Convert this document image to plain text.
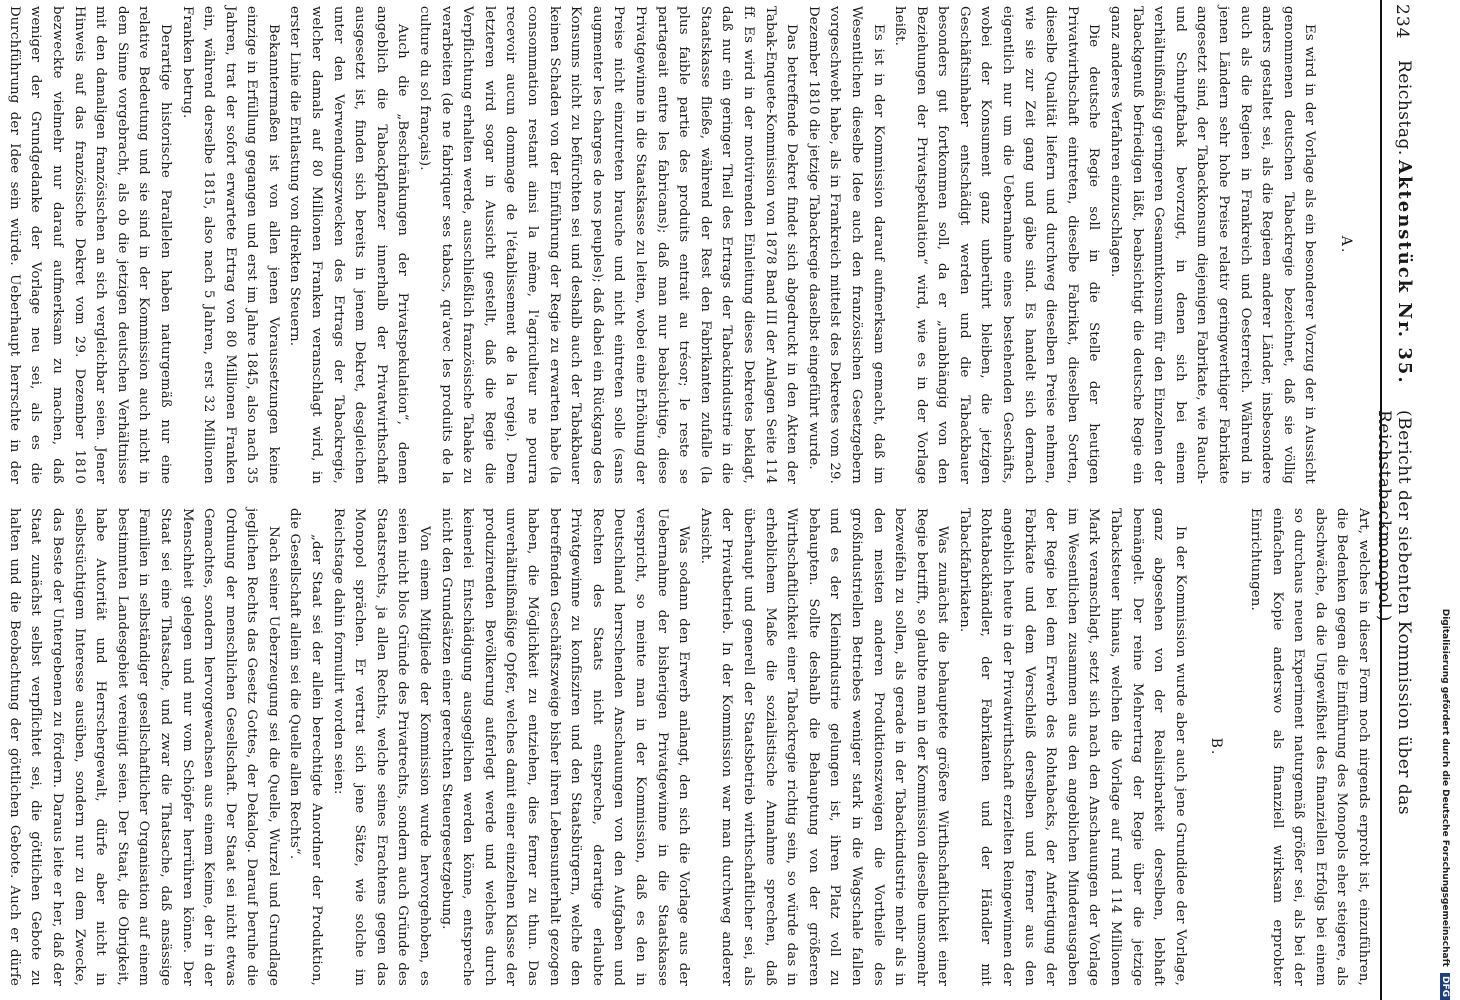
234
Reichstag.
Aktenstück Nr. 35.
(Bericht der siebenten Kommission über das Reichstabackmonopol.)
A.

Es wird in der Vorlage als ein besonderer Vorzug der in Aussicht genommenen deutschen Tabackregie bezeichnet, daß sie völlig anders gestaltet sei, als die Regieen anderer Länder, insbesondere auch als die Regieen in Frankreich und Oesterreich. Während in jenen Ländern sehr hohe Preise relativ geringwerthiger Fabrikate angesetzt sind, der Tabackkonsum diejenigen Fabrikate, wie Rauch- und Schnupftabak bevorzugt, in denen sich bei einem verhältnißmäßig geringeren Gesammtkonsum für den Einzelnen der Tabackgenuß befriedigen läßt, beabsichtigt die deutsche Regie ein ganz anderes Verfahren einzuschlagen.

Die deutsche Regie soll in die Stelle der heutigen Privatwirthschaft eintreten, dieselbe Fabrikat, dieselben Sorten, dieselbe Qualität liefern und durchweg dieselben Preise nehmen, wie sie zur Zeit gang und gäbe sind. Es handelt sich dernach eigentlich nur um die Uebernahme eines bestehenden Geschäfts, wobei der Konsument ganz unberührt bleiben, die jetzigen Geschäftsinhaber entschädigt werden und die Tabackbauer besonders gut fortkommen soll, da er „unabhängig von den Beziehungen der Privatspekulation“ wird, wie es in der Vorlage heißt.

Es ist in der Kommission darauf aufmerksam gemacht, daß im Wesentlichen dieselbe Idee auch den französischen Gesetzgebern vorgeschwebt habe, als in Frankreich mittelst des Dekretes vom 29. Dezember 1810 die jetzige Tabackregie daselbst eingeführt wurde.

Das betreffende Dekret findet sich abgedruckt in den Akten der Tabak-Enquete-Kommission von 1878 Band III der Anlagen Seite 114 ff. Es wird in der motivirenden Einleitung dieses Dekretes beklagt, daß nur ein geringer Theil des Ertrags der Tabackindustrie in die Staatskasse fließe, während der Rest den Fabrikanten zufalle (la plus faible partie des produits entrait au trésor; le reste se partageait entre les fabricans); daß man nur beabsichtige, diese Privatgewinne in die Staatskasse zu leiten, wobei eine Erhöhung der Preise nicht einzutreten brauche und nicht eintreten solle (sans augmenter les charges de nos peuples); daß dabei ein Rückgang des Konsums nicht zu befürchten sei und deshalb auch der Tabakbauer keinen Schaden von der Einführung der Regie zu erwarten habe (la consommation restant ainsi la même, l'agriculteur ne pourra recevoir aucun dommage de l'établissement de la regie). Dem letzteren wird sogar in Aussicht gestellt, daß die Regie die Verpflichtung erhalten werde, ausschließlich französische Tabake zu verarbeiten (de ne fabriquer ses tabacs, qu'avec les produits de la culture du sol français).

Auch die „Beschränkungen der Privatspekulation“, denen angeblich die Tabackpflanzer innerhalb der Privatwirthschaft ausgesetzt ist, finden sich bereits in jenem Dekret, desgleichen unter den Verwendungszwecken des Ertrags der Tabackregie, welcher damals auf 80 Millionen Franken veranschlagt wird, in erster Linie die Entlastung von direkten Steuern.

Bekanntermaßen ist von allen jenen Voraussetzungen keine einzige in Erfüllung gegangen und erst im Jahre 1845, also nach 35 Jahren, trat der sofort erwartete Ertrag von 80 Millionen Franken ein, während derselbe 1815, also nach 5 Jahren, erst 32 Millionen Franken betrug.

Derartige historische Parallelen haben naturgemäß nur eine relative Bedeutung und sie sind in der Kommission auch nicht in dem Sinne vorgebracht, als ob die jetzigen deutschen Verhältnisse mit den damaligen französischen an sich vergleichbar seien. Jener Hinweis auf das französische Dekret vom 29. Dezember 1810 bezweckte vielmehr nur darauf aufmerksam zu machen, daß weniger der Grundgedanke der Vorlage neu sei, als es die Durchführung der Idee sein würde. Ueberhaupt herrschte in der

Art, welches in dieser Form noch nirgends erprobt ist, einzuführen, die Bedenken gegen die Einführung des Monopols eher steigere, als abschwäche, da die Ungewißheit des finanziellen Erfolgs bei einem so durchaus neuen Experiment naturgemäß größer sei, als bei der einfachen Kopie anderswo als finanziell wirksam erprobter Einrichtungen.

B.

In der Kommission wurde aber auch jene Grundidee der Vorlage, ganz abgesehen von der Realisirbarkeit derselben, lebhaft bemängelt. Der reine Mehrertrag der Regie über die jetzige Tabacksteuer hinaus, welchen die Vorlage auf rund 114 Millionen Mark veranschlagt, setzt sich nach den Anschauungen der Vorlage im Wesentlichen zusammen aus den angeblichen Minderausgaben der Regie bei dem Erwerb des Rohtabacks, der Anfertigung der Fabrikate und dem Verschleiß derselben und ferner aus den angeblich heute in der Privatwirthschaft erzielten Reingewinnen der Rohtabackhändler, der Fabrikanten und der Händler mit Tabackfabrikaten.

Was zunächst die behauptete größere Wirthschaftlichkeit einer Regie betrifft, so glaubte man in der Kommission dieselbe umsomehr bezweifeln zu sollen, als gerade in der Tabackindustrie mehr als in den meisten anderen Produktionszweigen die Vortheile des großindustriellen Betriebes weniger stark in die Wagschale fallen und es der Kleinindustrie gelungen ist, ihren Platz voll zu behaupten. Sollte deshalb die Behauptung von der größeren Wirthschaftlichkeit einer Tabackregie richtig sein, so würde das in erheblichem Maße die sozialistische Annahme sprechen, daß überhaupt und generell der Staatsbetrieb wirthschaftlicher sei, als der Privatbetrieb. In der Kommission war man durchweg anderer Ansicht.

Was sodann den Erwerb anlangt, den sich die Vorlage aus der Uebernahme der bisherigen Privatgewinne in die Staatskasse verspricht, so meinte man in der Kommission, daß es den in Deutschland herrschenden Anschauungen von den Aufgaben und Rechten des Staats nicht entspreche, derartige erlaubte Privatgewinne zu konfisziren und den Staatsbürgern, welche den betreffenden Geschäftszweige bisher ihren Lebensunterhalt gezogen haben, die Möglichkeit zu entziehen, dies ferner zu thun. Das unverhältnißmäßige Opfer, welches damit einer einzelnen Klasse der produzirenden Bevölkerung auferlegt werde und welches durch keinerlei Entschädigung ausgeglichen werden könne, entspreche nicht den Grundsätzen einer gerechten Steuergesetzgebung.

Von einem Mitgliede der Kommission wurde hervorgehoben, es seien nicht blos Gründe des Privatrechts, sondern auch Gründe des Staatsrechts, ja allen Rechts, welche seines Erachtens gegen das Monopol sprächen. Er vertrat sich jene Sätze, wie solche im Reichstage dahin formulirt worden seien:

„der Staat sei der allein berechtigte Anordner der Produktion, die Gesellschaft allein sei die Quelle allen Rechts“.

Nach seiner Ueberzeugung sei die Quelle, Wurzel und Grundlage jeglichen Rechts das Gesetz Gottes, der Dekalog. Darauf beruhe die Ordnung der menschlichen Gesellschaft. Der Staat sei nicht etwas Gemachtes, sondern hervorgewachsen aus einem Keime, der in der Menschheit gelegen und nur vom Schöpfer herrühren könne. Der Staat sei eine Thatsache, und zwar die Thatsache, daß ansässige Familien in selbständiger gesellschaftlicher Organisation auf einem bestimmten Landesgebiet vereinigt seien. Der Staat, die Obrigkeit, habe Autorität und Herrschergewalt, dürfe aber nicht in selbstsüchtigem Interesse ausüben, sondern nur zu dem Zwecke, das Beste der Untergebenen zu fördern. Daraus leite er her, daß der Staat zunächst selbst verpflichtet sei, die göttlichen Gebote zu halten und die Beobachtung der göttlichen Gebote. Auch er dürfe

Digitalisierung gefördert durch die Deutsche Forschungsgemeinschaft DFG
